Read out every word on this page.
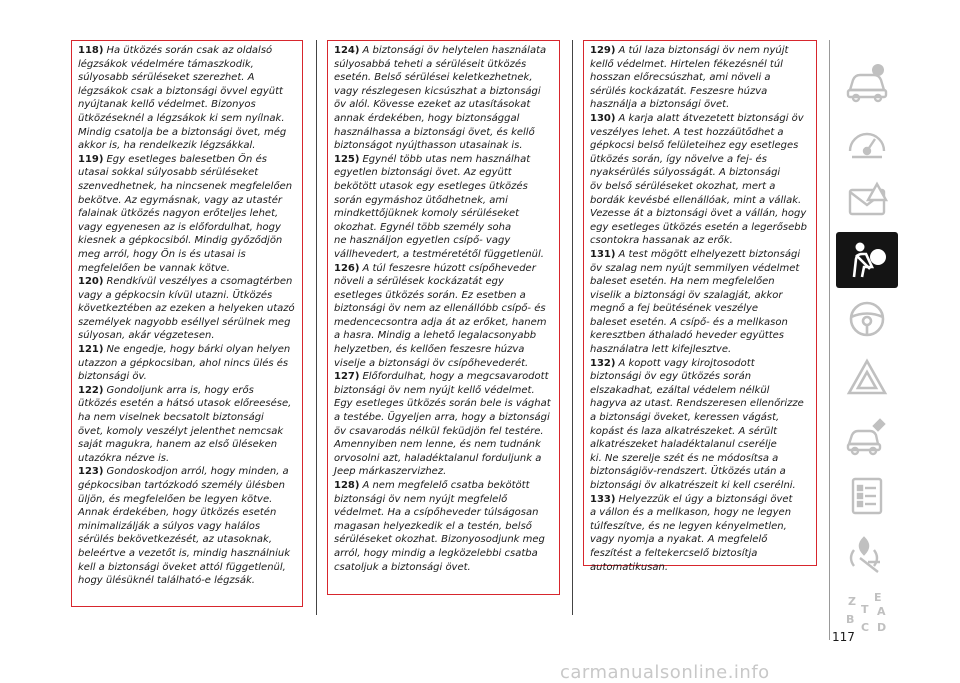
118) Ha ütközés során csak az oldalsó
légzsákok védelmére támaszkodik,
súlyosabb sérüléseket szerezhet. A
légzsákok csak a biztonsági övvel együtt
nyújtanak kellő védelmet. Bizonyos
ütközéseknél a légzsákok ki sem nyílnak.
Mindig csatolja be a biztonsági övet, még
akkor is, ha rendelkezik légzsákkal.

119) Egy esetleges balesetben Ön és
utasai sokkal súlyosabb sérüléseket
szenvedhetnek, ha nincsenek megfelelően
bekötve. Az egymásnak, vagy az utastér
falainak ütközés nagyon erőteljes lehet,
vagy egyenesen az is előfordulhat, hogy
kiesnek a gépkocsiból. Mindig győződjön
meg arról, hogy Ön is és utasai is
megfelelően be vannak kötve.

120) Rendkívül veszélyes a csomagtérben
vagy a gépkocsin kívül utazni. Ütközés
következtében az ezeken a helyeken utazó
személyek nagyobb eséllyel sérülnek meg
súlyosan, akár végzetesen.

121) Ne engedje, hogy bárki olyan helyen
utazzon a gépkocsiban, ahol nincs ülés és
biztonsági öv.

122) Gondoljunk arra is, hogy erős
ütközés esetén a hátsó utasok előreesése,
ha nem viselnek becsatolt biztonsági
övet, komoly veszélyt jelenthet nemcsak
saját magukra, hanem az első üléseken
utazókra nézve is.

123) Gondoskodjon arról, hogy minden, a
gépkocsiban tartózkodó személy ülésben
üljön, és megfelelően be legyen kötve.
Annak érdekében, hogy ütközés esetén
minimalizálják a súlyos vagy halálos
sérülés bekövetkezését, az utasoknak,
beleértve a vezetőt is, mindig használniuk
kell a biztonsági öveket attól függetlenül,
hogy ülésüknél található-e légzsák.

124) A biztonsági öv helytelen használata
súlyosabbá teheti a sérüléseit ütközés
esetén. Belső sérülései keletkezhetnek,
vagy részlegesen kicsúszhat a biztonsági
öv alól. Kövesse ezeket az utasításokat
annak érdekében, hogy biztonsággal
használhassa a biztonsági övet, és kellő
biztonságot nyújthasson utasainak is.

125) Egynél több utas nem használhat
egyetlen biztonsági övet. Az együtt
bekötött utasok egy esetleges ütközés
során egymáshoz ütődhetnek, ami
mindkettőjüknek komoly sérüléseket
okozhat. Egynél több személy soha
ne használjon egyetlen csípő- vagy
vállhevedert, a testméretétől függetlenül.

126) A túl feszesre húzott csípőheveder
növeli a sérülések kockázatát egy
esetleges ütközés során. Ez esetben a
biztonsági öv nem az ellenállóbb csípő- és
medencecsontra adja át az erőket, hanem
a hasra. Mindig a lehető legalacsonyabb
helyzetben, és kellően feszesre húzva
viselje a biztonsági öv csípőhevederét.

127) Előfordulhat, hogy a megcsavarodott
biztonsági öv nem nyújt kellő védelmet.
Egy esetleges ütközés során bele is vághat
a testébe. Ügyeljen arra, hogy a biztonsági
öv csavarodás nélkül feküdjön fel testére.
Amennyiben nem lenne, és nem tudnánk
orvosolni azt, haladéktalanul forduljunk a
Jeep márkaszervizhez.

128) A nem megfelelő csatba bekötött
biztonsági öv nem nyújt megfelelő
védelmet. Ha a csípőheveder túlságosan
magasan helyezkedik el a testén, belső
sérüléseket okozhat. Bizonyosodjunk meg
arról, hogy mindig a legközelebbi csatba
csatoljuk a biztonsági övet.

129) A túl laza biztonsági öv nem nyújt
kellő védelmet. Hirtelen fékezésnél túl
hosszan előrecsúszhat, ami növeli a
sérülés kockázatát. Feszesre húzva
használja a biztonsági övet.

130) A karja alatt átvezetett biztonsági öv
veszélyes lehet. A test hozzáütődhet a
gépkocsi belső felületeihez egy esetleges
ütközés során, így növelve a fej- és
nyaksérülés súlyosságát. A biztonsági
öv belső sérüléseket okozhat, mert a
bordák kevésbé ellenállóak, mint a vállak.
Vezesse át a biztonsági övet a vállán, hogy
egy esetleges ütközés esetén a legerősebb
csontokra hassanak az erők.

131) A test mögött elhelyezett biztonsági
öv szalag nem nyújt semmilyen védelmet
baleset esetén. Ha nem megfelelően
viselik a biztonsági öv szalagját, akkor
megnő a fej beütésének veszélye
baleset esetén. A csípő- és a mellkason
keresztben áthaladó heveder együttes
használatra lett kifejlesztve.

132) A kopott vagy kirojtosodott
biztonsági öv egy ütközés során
elszakadhat, ezáltal védelem nélkül
hagyva az utast. Rendszeresen ellenőrizze
a biztonsági öveket, keressen vágást,
kopást és laza alkatrészeket. A sérült
alkatrészeket haladéktalanul cserélje
ki. Ne szerelje szét és ne módosítsa a
biztonságiöv-rendszert. Ütközés után a
biztonsági öv alkatrészeit ki kell cserélni.

133) Helyezzük el úgy a biztonsági övet
a vállon és a mellkason, hogy ne legyen
túlfeszítve, és ne legyen kényelmetlen,
vagy nyomja a nyakat. A megfelelő
feszítést a feltekercselő biztosítja
automatikusan.

Z E
B
C D
A
T
117
carmanualsonline.info
